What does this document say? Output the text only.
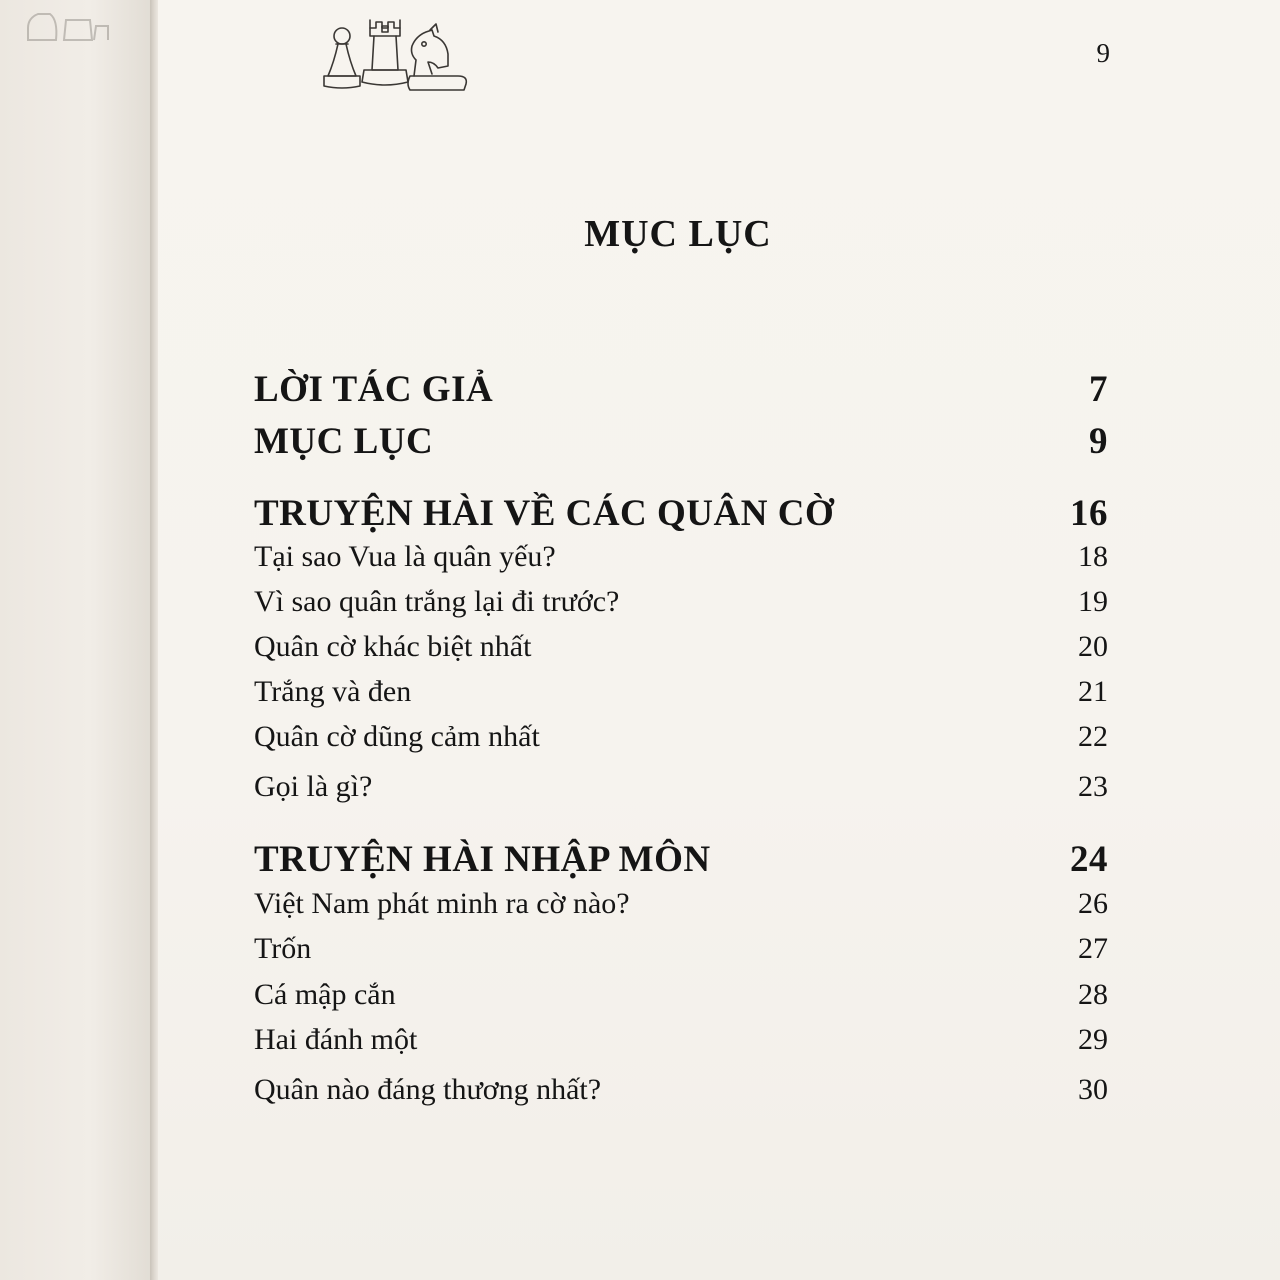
9
MỤC LỤC
LỜI TÁC GIẢ	7
MỤC LỤC	9
TRUYỆN HÀI VỀ CÁC QUÂN CỜ	16
Tại sao Vua là quân yếu?	18
Vì sao quân trắng lại đi trước?	19
Quân cờ khác biệt nhất	20
Trắng và đen	21
Quân cờ dũng cảm nhất	22
Gọi là gì?	23
TRUYỆN HÀI NHẬP MÔN	24
Việt Nam phát minh ra cờ nào?	26
Trốn	27
Cá mập cắn	28
Hai đánh một	29
Quân nào đáng thương nhất?	30
